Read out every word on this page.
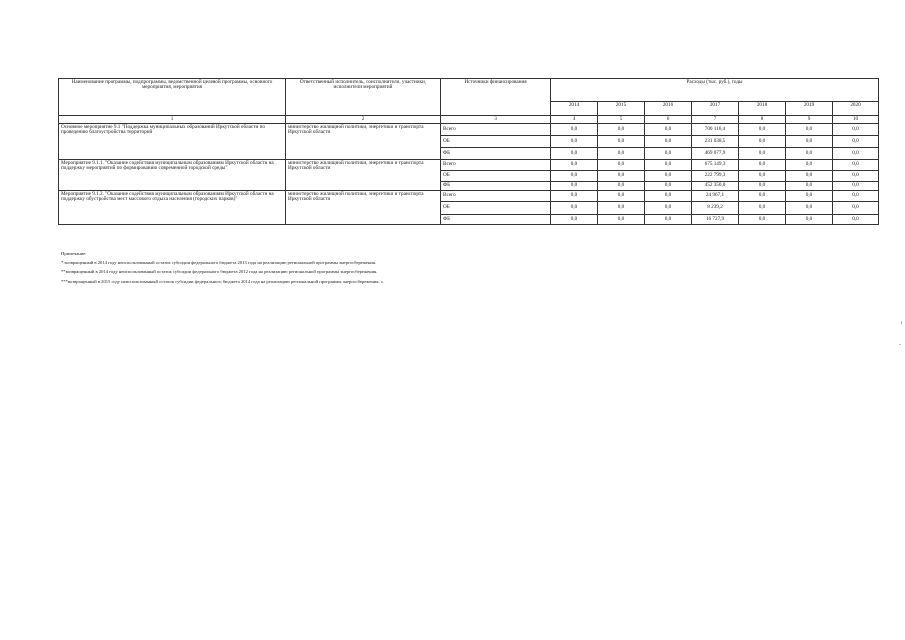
Наименование программы, подпрограммы, ведомственной целевой программы, основного мероприятия, мероприятия	Ответственный исполнитель, соисполнители, участники, исполнители мероприятий	Источники финансирования	Расходы (тыс. руб.), годы						
			2014	2015	2016	2017	2018	2019	2020
1	2	3	4	5	6	7	8	9	10
Основное мероприятие 9.1 "Поддержка муниципальных образований Иркутской области по проведению благоустройства территорий	министерство жилищной политики, энергетики и транспорта Иркутской области	Всего	0,0	0,0	0,0	700 116,4	0,0	0,0	0,0
		ОБ	0,0	0,0	0,0	231 038,5	0,0	0,0	0,0
		ФБ	0,0	0,0	0,0	469 077,9	0,0	0,0	0,0
Мероприятие 9.1.1. "Оказание содействия муниципальным образованиям Иркутской области на поддержку мероприятий по формированию современной городской среды"	министерство жилищной политики, энергетики и транспорта Иркутской области	Всего	0,0	0,0	0,0	675 149,3	0,0	0,0	0,0
		ОБ	0,0	0,0	0,0	222 799,3	0,0	0,0	0,0
		ФБ	0,0	0,0	0,0	452 350,0	0,0	0,0	0,0
Мероприятие 9.1.2. "Оказание содействия муниципальным образованиям Иркутской области на поддержку обустройства мест массового отдыха населения (городских парков)"	министерство жилищной политики, энергетики и транспорта Иркутской области	Всего	0,0	0,0	0,0	24 967,1	0,0	0,0	0,0
		ОБ	0,0	0,0	0,0	8 239,2	0,0	0,0	0,0
		ФБ	0,0	0,0	0,0	16 727,9	0,0	0,0	0,0
Примечание:
* возвращенный в 2014 году неиспользованный остаток субсидии федерального бюджета 2013 года на реализацию региональной программы энергосбережения.
**возвращенный в 2014 году неиспользованный остаток субсидии федерального бюджета 2012 года на реализацию региональной программы энергосбережения.
***возвращенный в 2015 году неиспользованный остаток субсидии федерального бюджета 2014 года на реализацию региональной программы энергосбережения. ».
